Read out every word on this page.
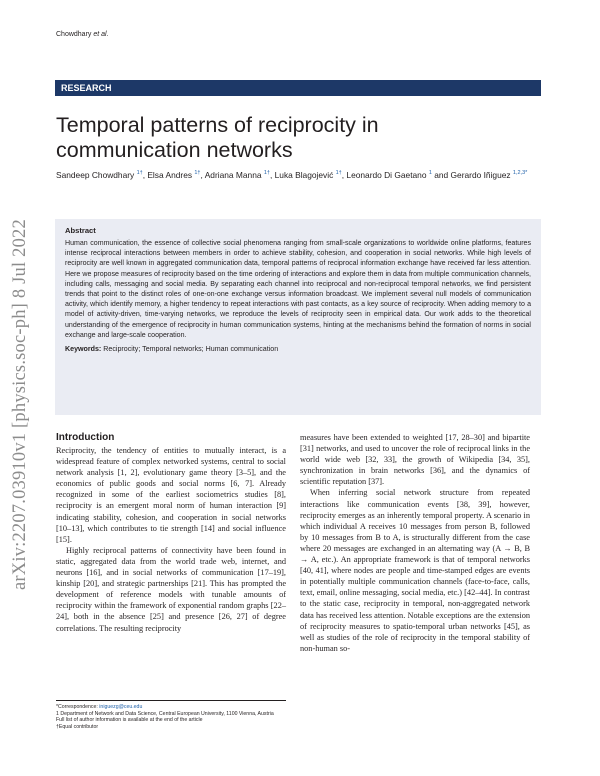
Chowdhary et al.
arXiv:2207.03910v1 [physics.soc-ph] 8 Jul 2022
RESEARCH
Temporal patterns of reciprocity in communication networks
Sandeep Chowdhary $^{1\dagger}$, Elsa Andres $^{1\dagger}$, Adriana Manna $^{1\dagger}$, Luka Blagojević $^{1\dagger}$, Leonardo Di Gaetano $^1$ and Gerardo Iñiguez $^{1,2,3*}$
Abstract
Human communication, the essence of collective social phenomena ranging from small-scale organizations to worldwide online platforms, features intense reciprocal interactions between members in order to achieve stability, cohesion, and cooperation in social networks. While high levels of reciprocity are well known in aggregated communication data, temporal patterns of reciprocal information exchange have received far less attention. Here we propose measures of reciprocity based on the time ordering of interactions and explore them in data from multiple communication channels, including calls, messaging and social media. By separating each channel into reciprocal and non-reciprocal temporal networks, we find persistent trends that point to the distinct roles of one-on-one exchange versus information broadcast. We implement several null models of communication activity, which identify memory, a higher tendency to repeat interactions with past contacts, as a key source of reciprocity. When adding memory to a model of activity-driven, time-varying networks, we reproduce the levels of reciprocity seen in empirical data. Our work adds to the theoretical understanding of the emergence of reciprocity in human communication systems, hinting at the mechanisms behind the formation of norms in social exchange and large-scale cooperation.
Keywords: Reciprocity; Temporal networks; Human communication
Introduction

Reciprocity, the tendency of entities to mutually interact, is a widespread feature of complex networked systems, central to social network analysis [1, 2], evolutionary game theory [3–5], and the economics of public goods and social norms [6, 7]. Already recognized in some of the earliest sociometrics studies [8], reciprocity is an emergent moral norm of human interaction [9] indicating stability, cohesion, and cooperation in social networks [10–13], which contributes to tie strength [14] and social influence [15].

Highly reciprocal patterns of connectivity have been found in static, aggregated data from the world trade web, internet, and neurons [16], and in social networks of communication [17–19], kinship [20], and strategic partnerships [21]. This has prompted the development of reference models with tunable amounts of reciprocity within the framework of exponential random graphs [22–24], both in the absence [25] and presence [26, 27] of degree correlations. The resulting reciprocity

measures have been extended to weighted [17, 28–30] and bipartite [31] networks, and used to uncover the role of reciprocal links in the world wide web [32, 33], the growth of Wikipedia [34, 35], synchronization in brain networks [36], and the dynamics of scientific reputation [37].

When inferring social network structure from repeated interactions like communication events [38, 39], however, reciprocity emerges as an inherently temporal property. A scenario in which individual A receives 10 messages from person B, followed by 10 messages from B to A, is structurally different from the case where 20 messages are exchanged in an alternating way (A → B, B → A, etc.). An appropriate framework is that of temporal networks [40, 41], where nodes are people and time-stamped edges are events in potentially multiple communication channels (face-to-face, calls, text, email, online messaging, social media, etc.) [42–44]. In contrast to the static case, reciprocity in temporal, non-aggregated network data has received less attention. Notable exceptions are the extension of reciprocity measures to spatio-temporal urban networks [45], as well as studies of the role of reciprocity in the temporal stability of non-human so-

*Correspondence: iniguezg@ceu.edu
1 Department of Network and Data Science, Central European University, 1100 Vienna, Austria
Full list of author information is available at the end of the article
†Equal contributor
